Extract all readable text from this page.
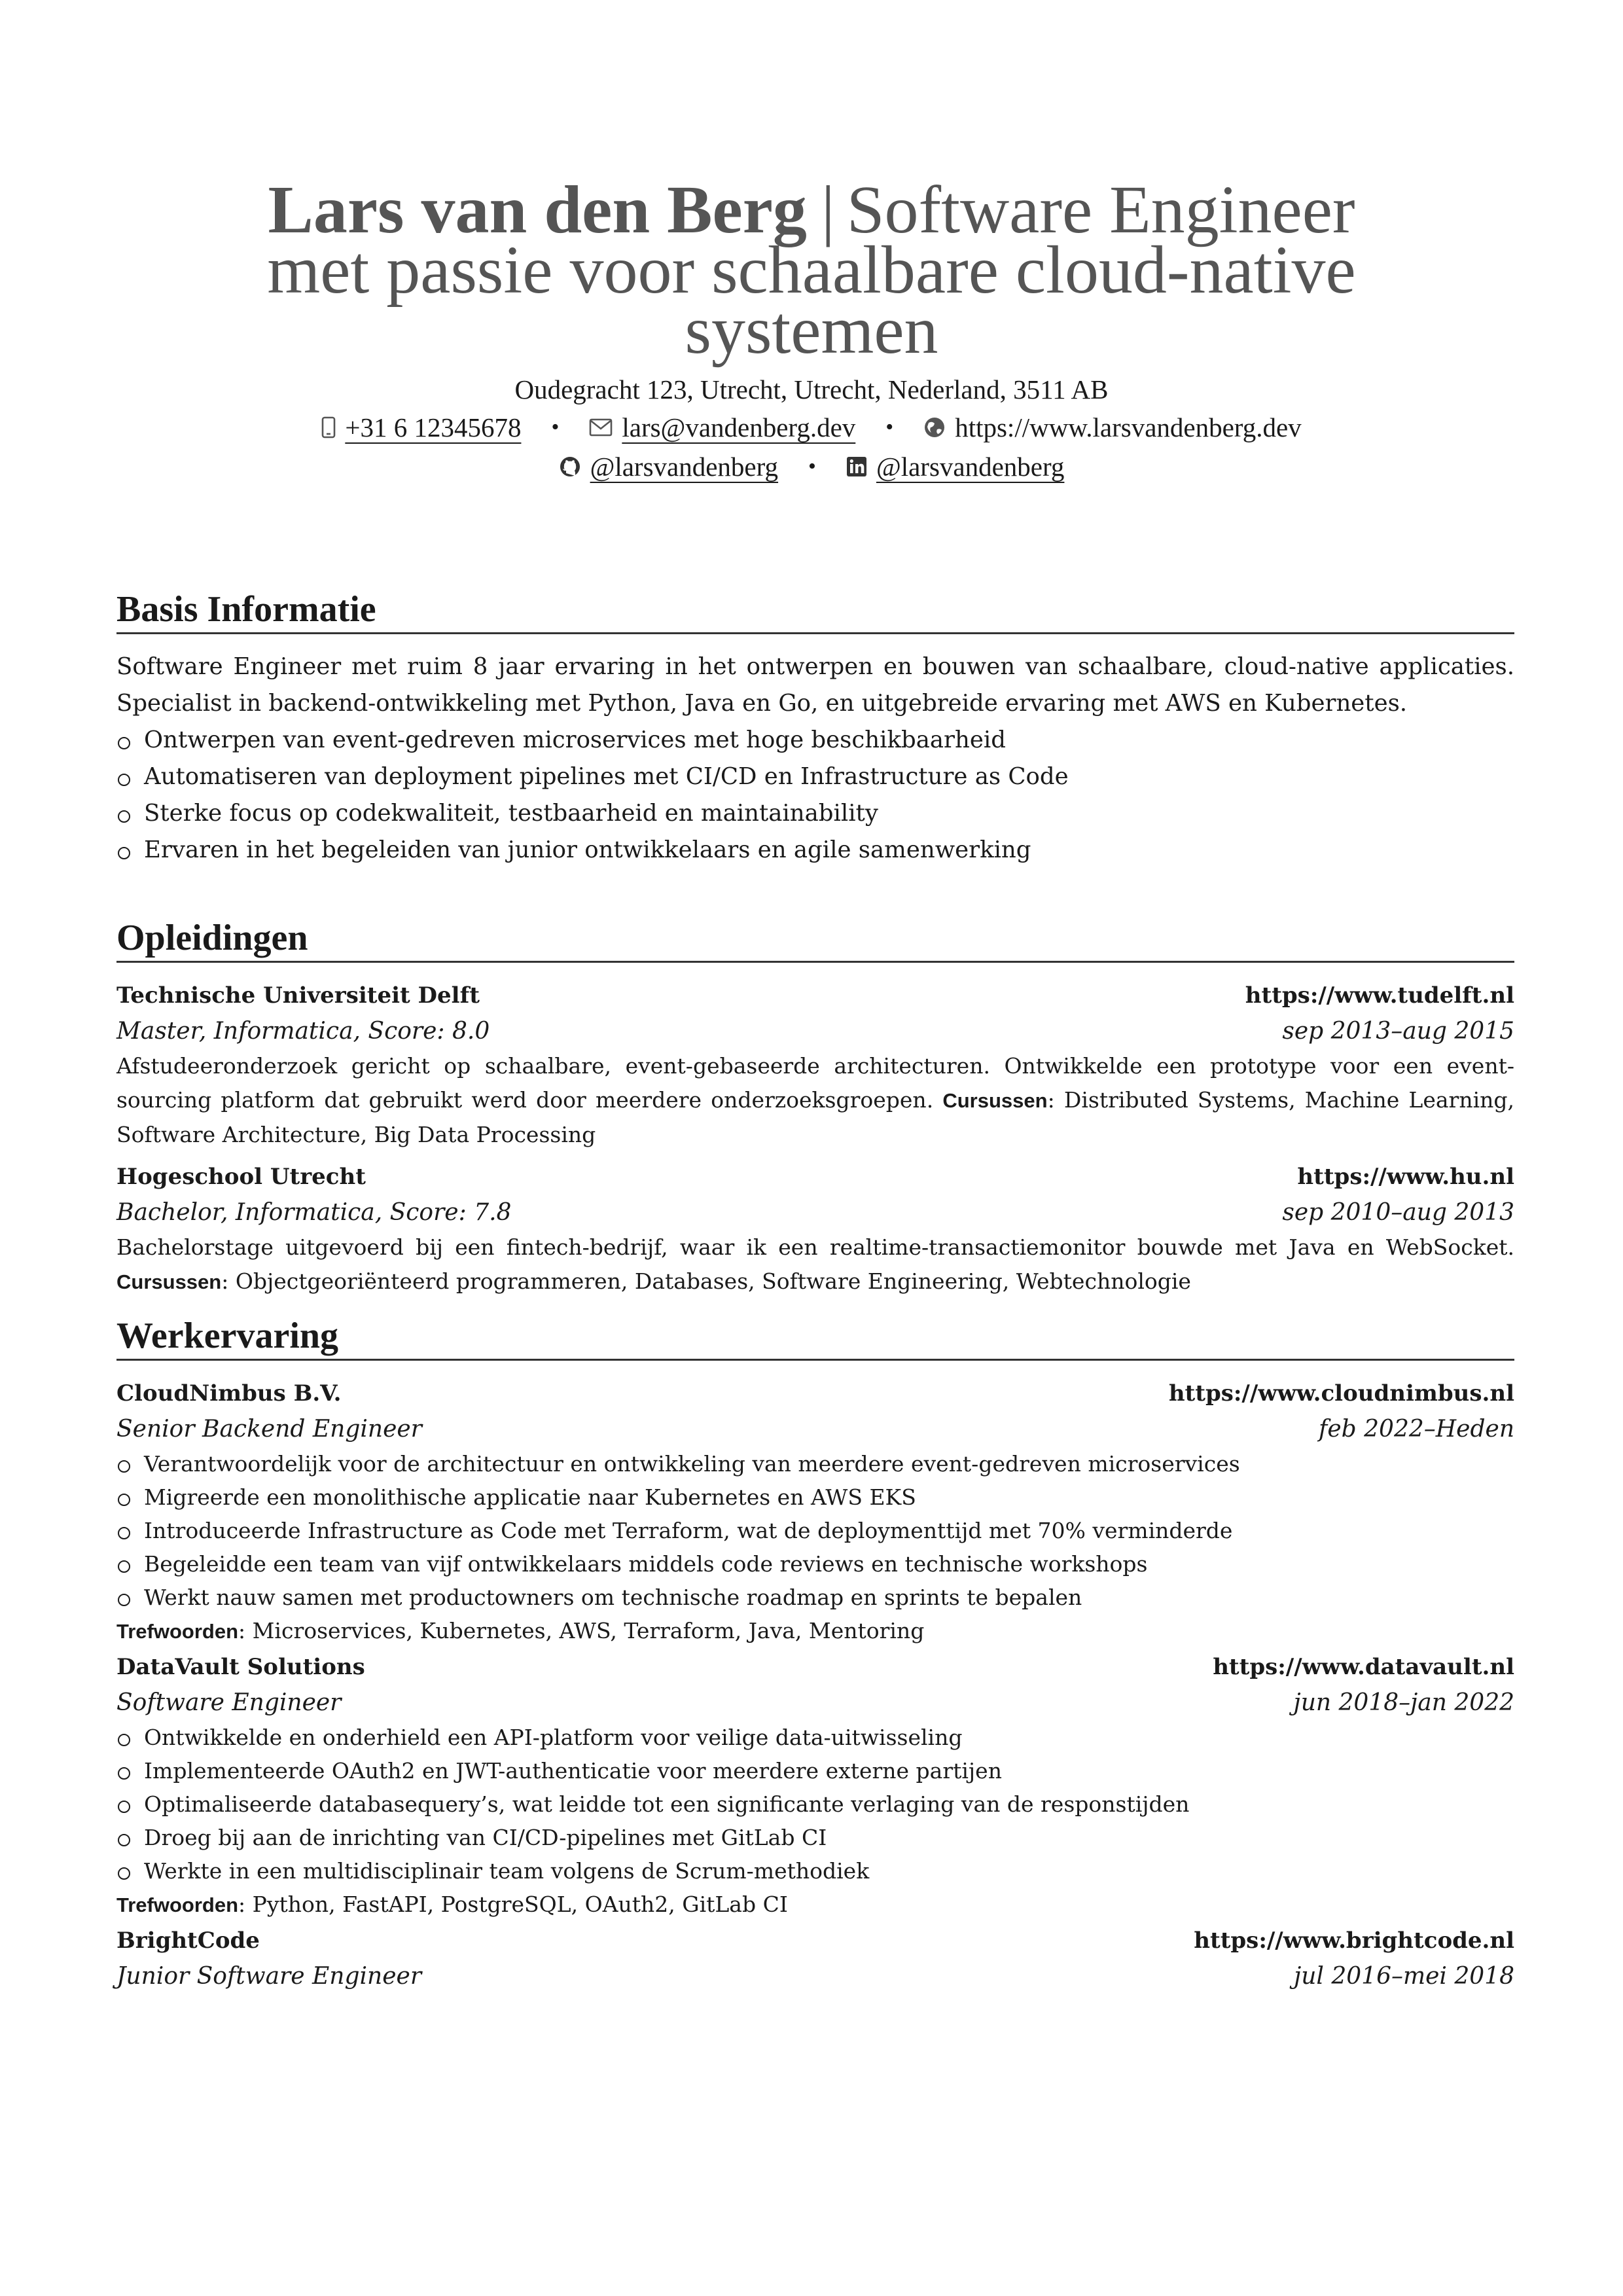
Lars van den Berg | Software Engineer
met passie voor schaalbare cloud-native
systemen
Oudegracht 123, Utrecht, Utrecht, Nederland, 3511 AB
+31 6 12345678 • lars@vandenberg.dev • https://www.larsvandenberg.dev
@larsvandenberg • @larsvandenberg
Basis Informatie
Software Engineer met ruim 8 jaar ervaring in het ontwerpen en bouwen van schaalbare, cloud-native applicaties. Specialist in backend-ontwikkeling met Python, Java en Go, en uitgebreide ervaring met AWS en Kubernetes.
Ontwerpen van event-gedreven microservices met hoge beschikbaarheid
Automatiseren van deployment pipelines met CI/CD en Infrastructure as Code
Sterke focus op codekwaliteit, testbaarheid en maintainability
Ervaren in het begeleiden van junior ontwikkelaars en agile samenwerking
Opleidingen
Technische Universiteit Delft	https://www.tudelft.nl
Master, Informatica, Score: 8.0	sep 2013–aug 2015
Afstudeeronderzoek gericht op schaalbare, event-gebaseerde architecturen. Ontwikkelde een prototype voor een event-sourcing platform dat gebruikt werd door meerdere onderzoeksgroepen. Cursussen: Distributed Systems, Machine Learning, Software Architecture, Big Data Processing
Hogeschool Utrecht	https://www.hu.nl
Bachelor, Informatica, Score: 7.8	sep 2010–aug 2013
Bachelorstage uitgevoerd bij een fintech-bedrijf, waar ik een realtime-transactiemonitor bouwde met Java en WebSocket. Cursussen: Objectgeoriënteerd programmeren, Databases, Software Engineering, Webtechnologie
Werkervaring
CloudNimbus B.V.	https://www.cloudnimbus.nl
Senior Backend Engineer	feb 2022–Heden
Verantwoordelijk voor de architectuur en ontwikkeling van meerdere event-gedreven microservices
Migreerde een monolithische applicatie naar Kubernetes en AWS EKS
Introduceerde Infrastructure as Code met Terraform, wat de deploymenttijd met 70% verminderde
Begeleidde een team van vijf ontwikkelaars middels code reviews en technische workshops
Werkt nauw samen met productowners om technische roadmap en sprints te bepalen
Trefwoorden: Microservices, Kubernetes, AWS, Terraform, Java, Mentoring
DataVault Solutions	https://www.datavault.nl
Software Engineer	jun 2018–jan 2022
Ontwikkelde en onderhield een API-platform voor veilige data-uitwisseling
Implementeerde OAuth2 en JWT-authenticatie voor meerdere externe partijen
Optimaliseerde databasequery’s, wat leidde tot een significante verlaging van de responstijden
Droeg bij aan de inrichting van CI/CD-pipelines met GitLab CI
Werkte in een multidisciplinair team volgens de Scrum-methodiek
Trefwoorden: Python, FastAPI, PostgreSQL, OAuth2, GitLab CI
BrightCode	https://www.brightcode.nl
Junior Software Engineer	jul 2016–mei 2018
